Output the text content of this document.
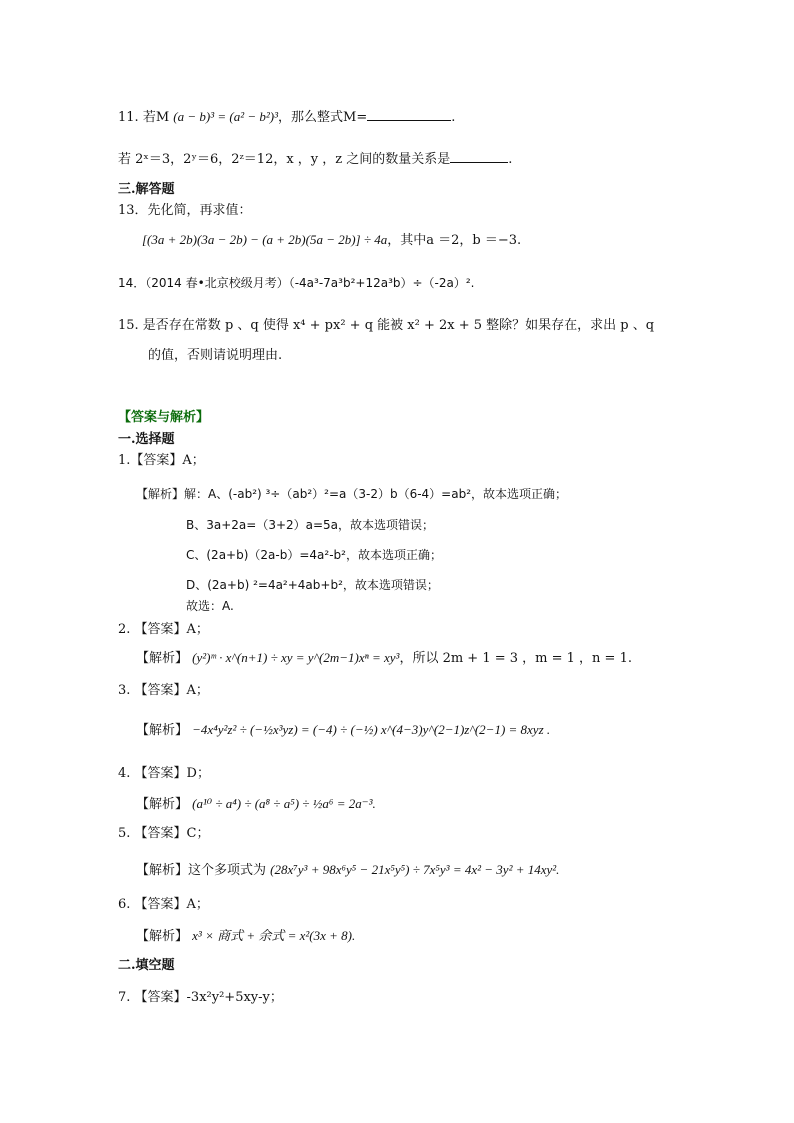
11. 若M (a − b)³ = (a² − b²)³，那么整式M=	.
若 2ˣ＝3，2ʸ＝6，2ᶻ＝12，x ，y ，z 之间的数量关系是	.
三.解答题
13．先化简，再求值：
[(3a + 2b)(3a − 2b) − (a + 2b)(5a − 2b)] ÷ 4a，其中a ＝2，b ＝−3.
14．（2014 春•北京校级月考）（-4a³-7a³b²+12a³b）÷（-2a）².
15. 是否存在常数 p 、q 使得 x⁴ + px² + q 能被 x² + 2x + 5 整除？如果存在，求出 p 、q
的值，否则请说明理由.
【答案与解析】
一.选择题
1.【答案】A；
【解析】解：A、(-ab²) ³÷（ab²）²=a（3-2）b（6-4）=ab²，故本选项正确；
B、3a+2a=（3+2）a=5a，故本选项错误；
C、(2a+b)（2a-b）=4a²-b²，故本选项正确；
D、(2a+b) ²=4a²+4ab+b²，故本选项错误；
故选：A.
2. 【答案】A；
【解析】 (y²)ᵐ · x^(n+1) ÷ xy = y^(2m−1)xⁿ = xy³，所以 2m + 1 = 3 ，m = 1 ，n = 1.
3. 【答案】A；
【解析】 −4x⁴y²z² ÷ (−½x³yz) = (−4) ÷ (−½) x^(4−3)y^(2−1)z^(2−1) = 8xyz .
4. 【答案】D；
【解析】 (a¹⁰ ÷ a⁴) ÷ (a⁸ ÷ a⁵) ÷ ½a⁶ = 2a⁻³.
5. 【答案】C；
【解析】这个多项式为 (28x⁷y³ + 98x⁶y⁵ − 21x⁵y⁵) ÷ 7x⁵y³ = 4x² − 3y² + 14xy².
6. 【答案】A；
【解析】 x³ × 商式 + 余式 = x²(3x + 8).
二.填空题
7. 【答案】-3x²y²+5xy-y；
